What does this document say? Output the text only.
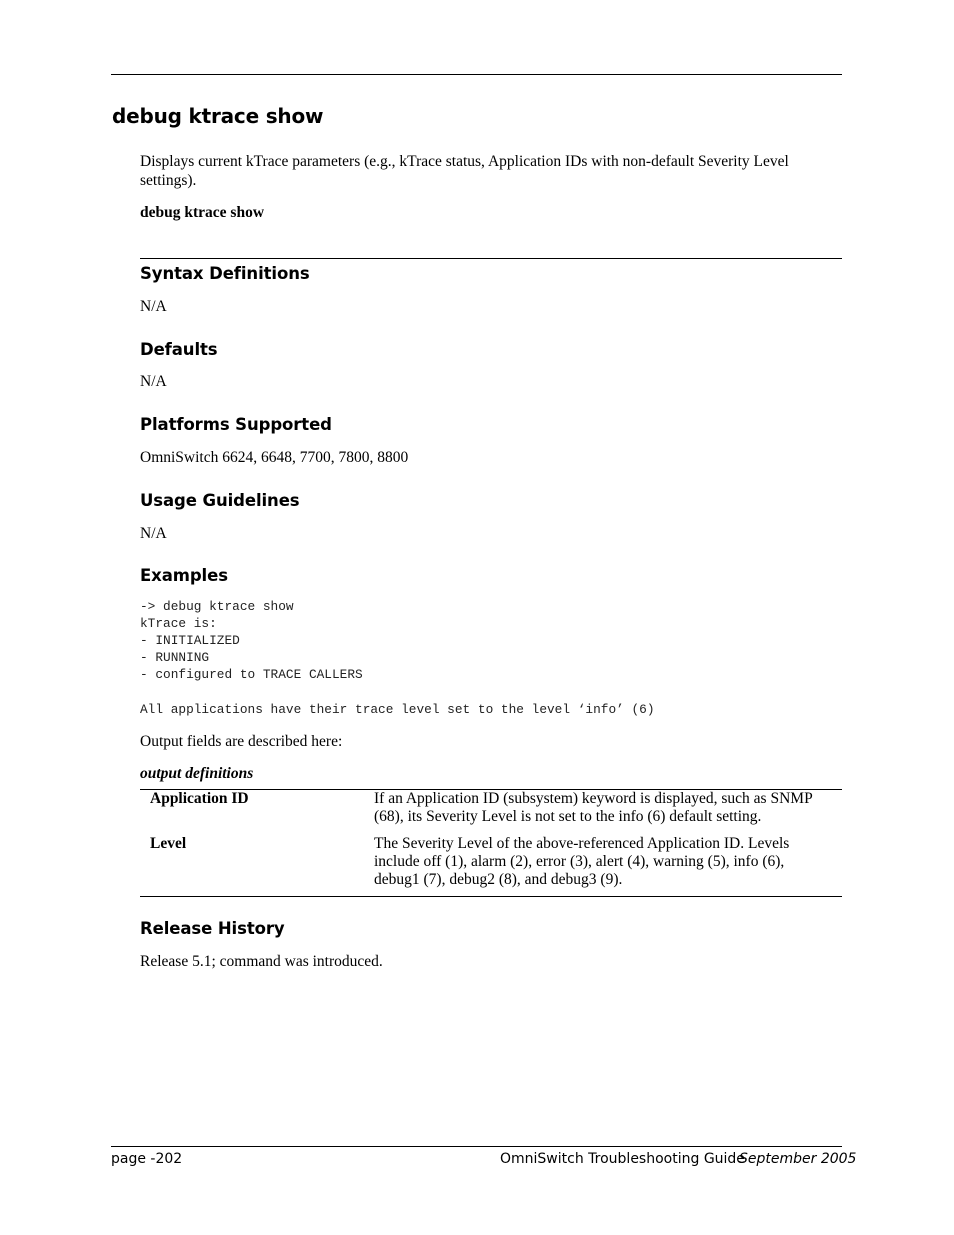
debug ktrace show
Displays current kTrace parameters (e.g., kTrace status, Application IDs with non-default Severity Level settings).
debug ktrace show
Syntax Definitions
N/A
Defaults
N/A
Platforms Supported
OmniSwitch 6624, 6648, 7700, 7800, 8800
Usage Guidelines
N/A
Examples
-> debug ktrace show
kTrace is:
- INITIALIZED
- RUNNING
- configured to TRACE CALLERS
All applications have their trace level set to the level ‘info’ (6)
Output fields are described here:
output definitions
Application ID	If an Application ID (subsystem) keyword is displayed, such as SNMP (68), its Severity Level is not set to the info (6) default setting.
Level	The Severity Level of the above-referenced Application ID. Levels include off (1), alarm (2), error (3), alert (4), warning (5), info (6), debug1 (7), debug2 (8), and debug3 (9).
Release History
Release 5.1; command was introduced.
page -202	OmniSwitch Troubleshooting Guide
September 2005
